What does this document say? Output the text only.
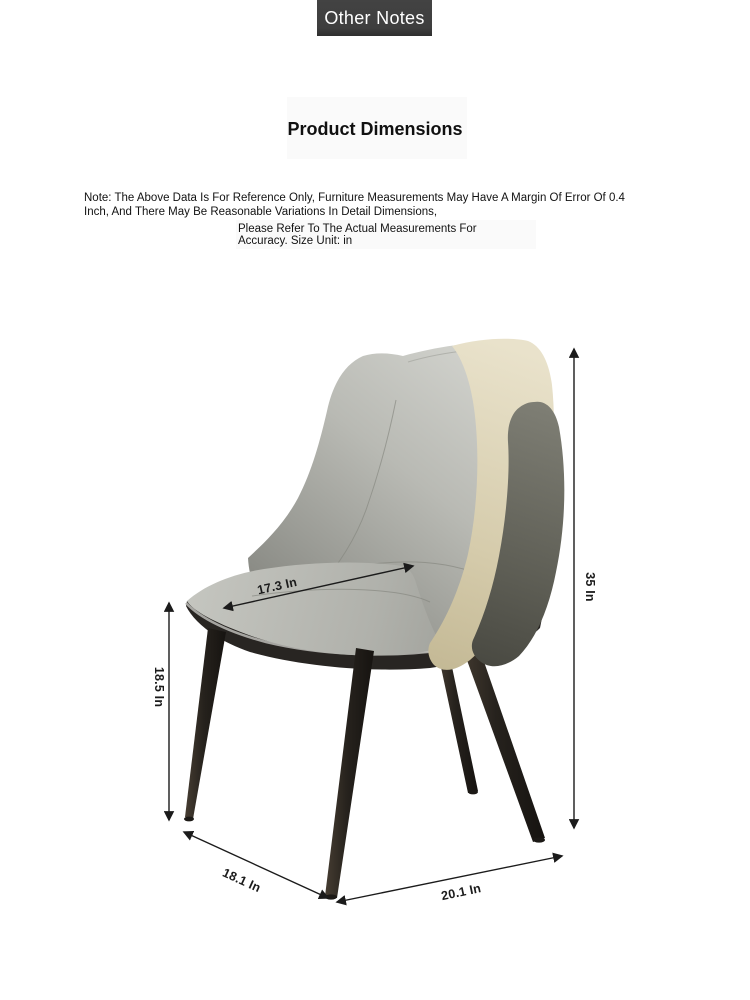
Other Notes
Product Dimensions
Note: The Above Data Is For Reference Only, Furniture Measurements May Have A Margin Of Error Of 0.4
Inch, And There May Be Reasonable Variations In Detail Dimensions,
Please Refer To The Actual Measurements For
Accuracy. Size Unit: in
17.3 In	35 In
18.5 In
18.1 In	20.1 In
